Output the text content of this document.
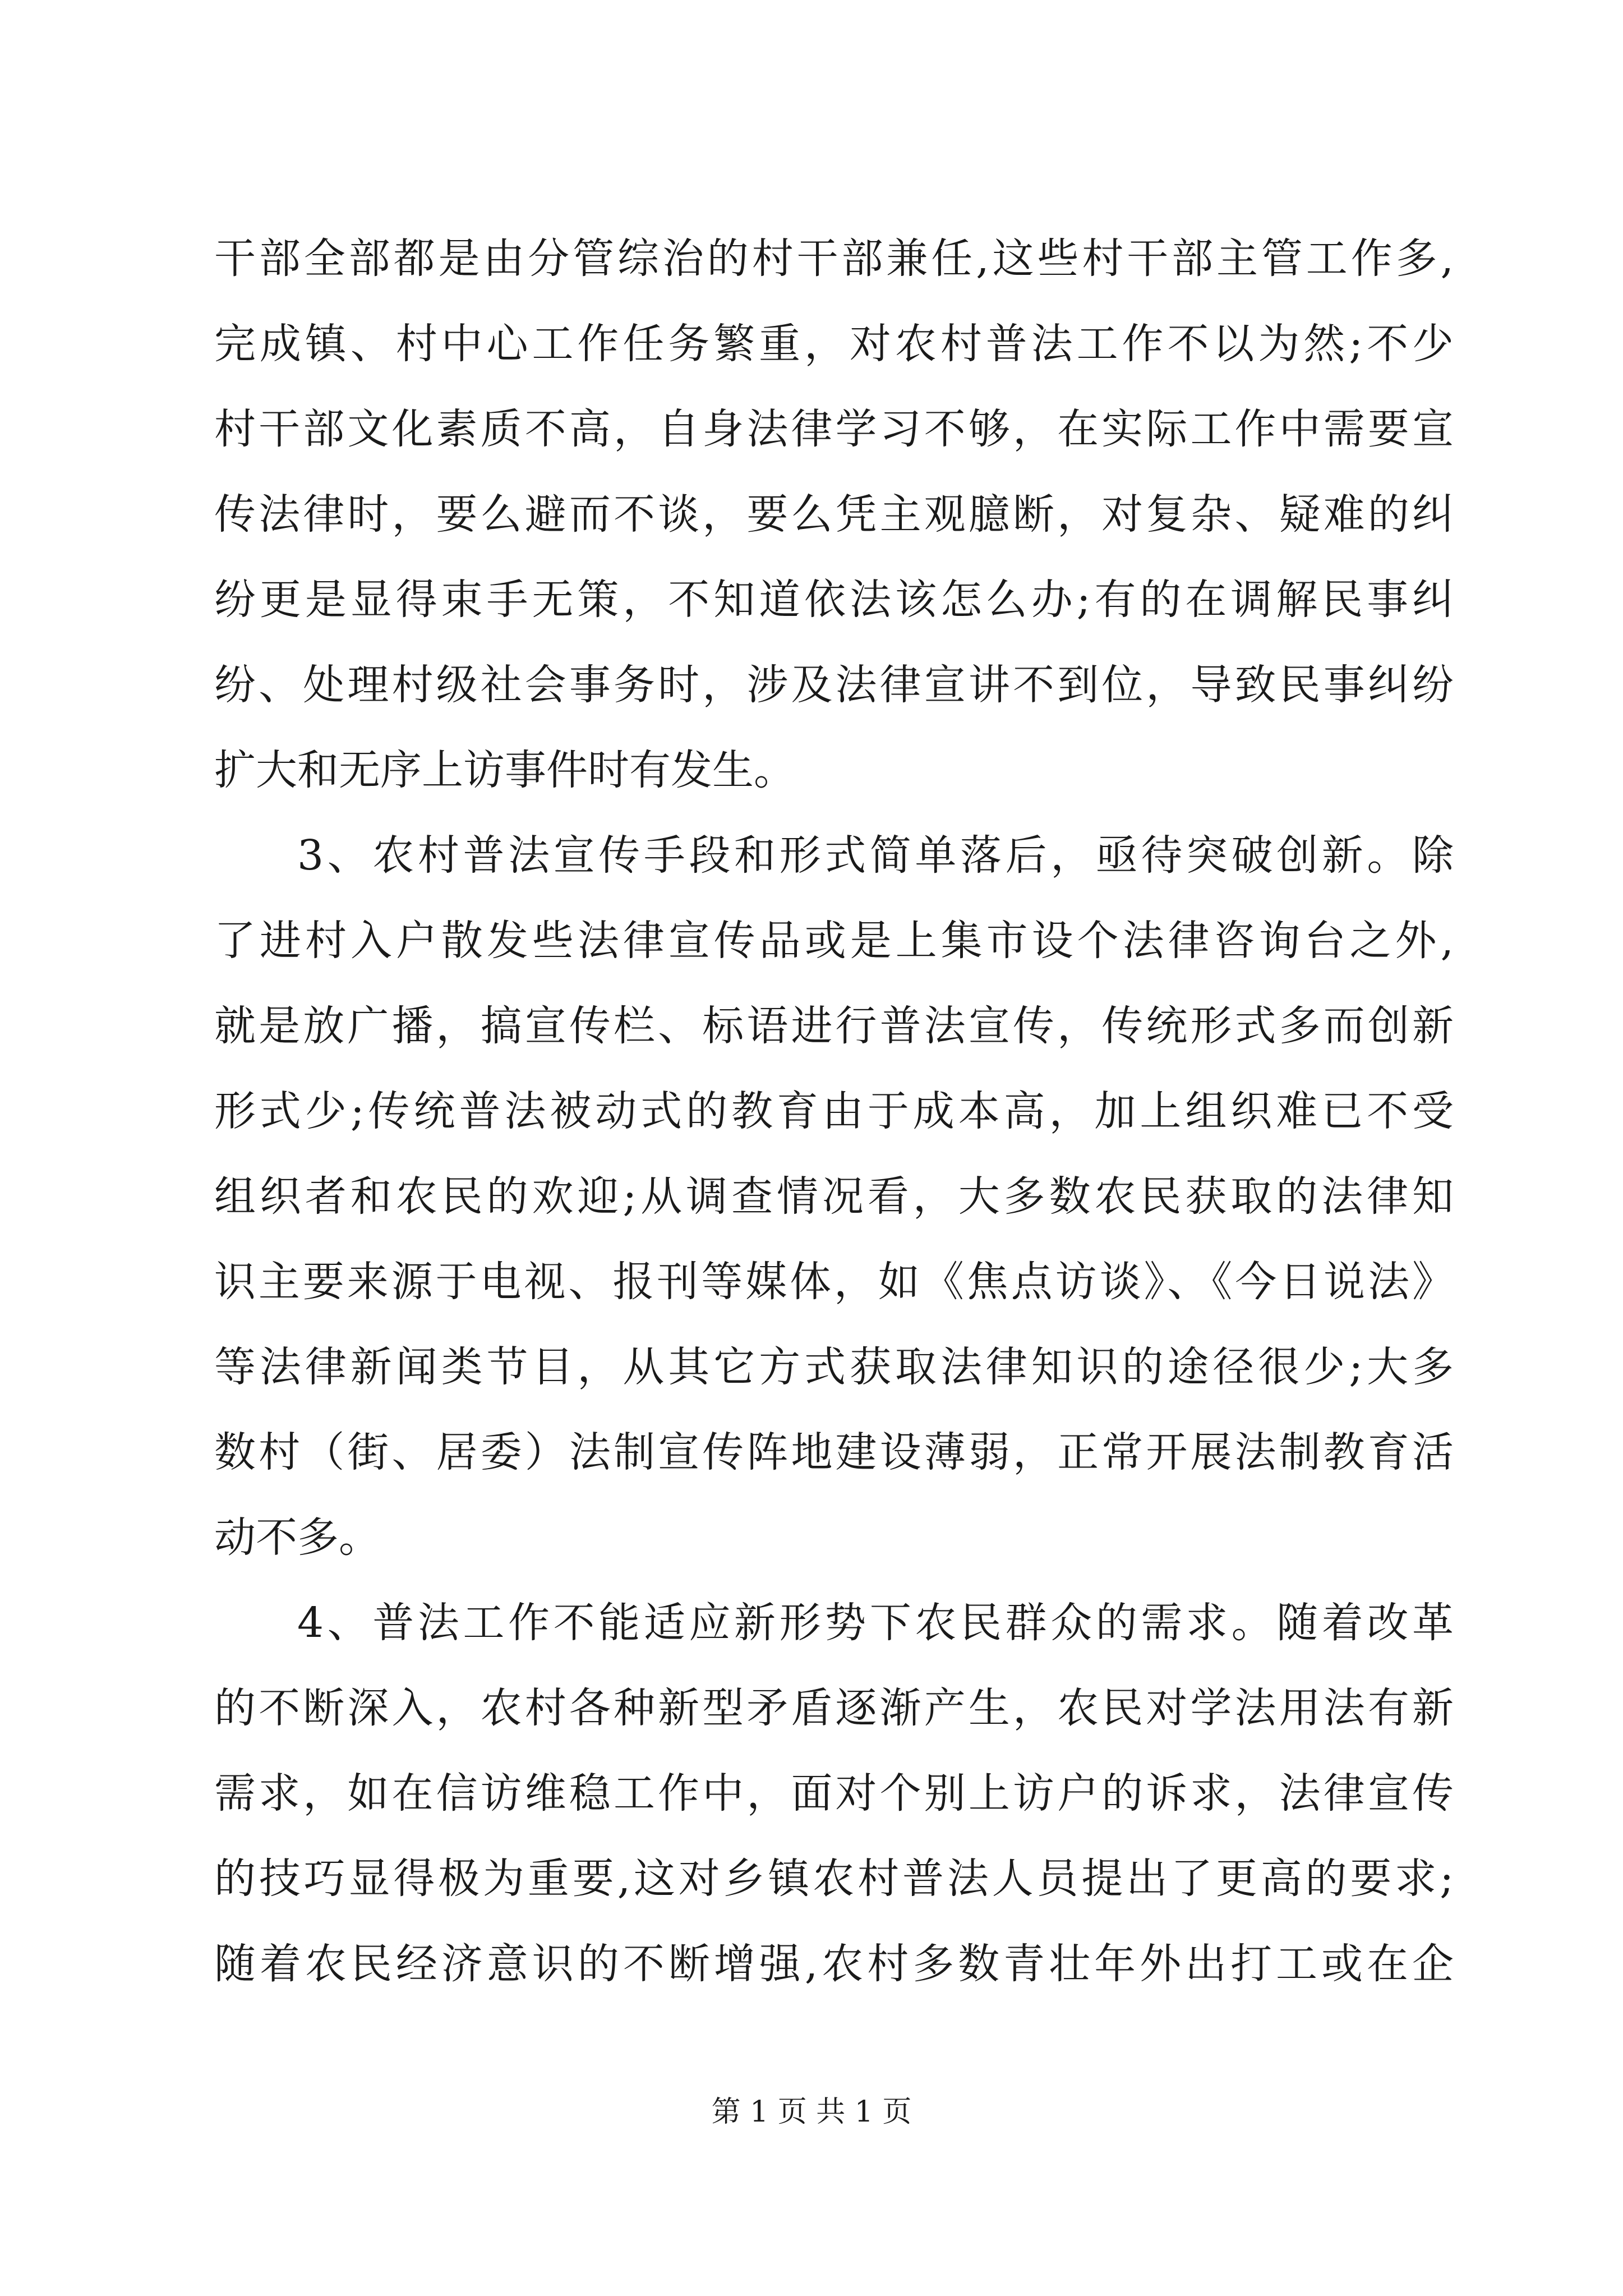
干部全部都是由分管综治的村干部兼任,这些村干部主管工作多,
完成镇、村中心工作任务繁重，对农村普法工作不以为然;不少
村干部文化素质不高，自身法律学习不够，在实际工作中需要宣
传法律时，要么避而不谈，要么凭主观臆断，对复杂、疑难的纠
纷更是显得束手无策，不知道依法该怎么办;有的在调解民事纠
纷、处理村级社会事务时，涉及法律宣讲不到位，导致民事纠纷
扩大和无序上访事件时有发生。
3、农村普法宣传手段和形式简单落后，亟待突破创新。除
了进村入户散发些法律宣传品或是上集市设个法律咨询台之外,
就是放广播，搞宣传栏、标语进行普法宣传，传统形式多而创新
形式少;传统普法被动式的教育由于成本高，加上组织难已不受
组织者和农民的欢迎;从调查情况看，大多数农民获取的法律知
识主要来源于电视、报刊等媒体，如《焦点访谈》、《今日说法》
等法律新闻类节目，从其它方式获取法律知识的途径很少;大多
数村（街、居委）法制宣传阵地建设薄弱，正常开展法制教育活
动不多。
4、普法工作不能适应新形势下农民群众的需求。随着改革
的不断深入，农村各种新型矛盾逐渐产生，农民对学法用法有新
需求，如在信访维稳工作中，面对个别上访户的诉求，法律宣传
的技巧显得极为重要,这对乡镇农村普法人员提出了更高的要求;
随着农民经济意识的不断增强,农村多数青壮年外出打工或在企
第 1 页 共 1 页
